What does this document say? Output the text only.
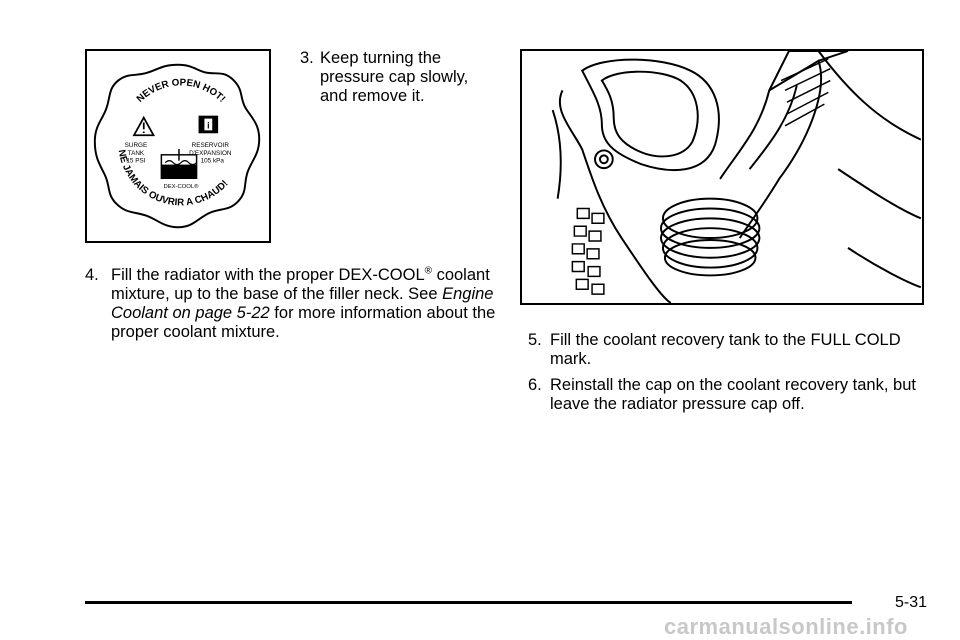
NEVER OPEN HOT!
NE JAMAIS OUVRIR A CHAUD!
i
SURGE
TANK
15 PSI
RESERVOIR
D'EXPANSION
105 kPa
DEX-COOL®

3. Keep turning the pressure cap slowly, and remove it.

4. Fill the radiator with the proper DEX-COOL® coolant mixture, up to the base of the filler neck. See Engine Coolant on page 5-22 for more information about the proper coolant mixture.	5. Fill the coolant recovery tank to the FULL COLD mark.

6. Reinstall the cap on the coolant recovery tank, but leave the radiator pressure cap off.

5-31
carmanualsonline.info
